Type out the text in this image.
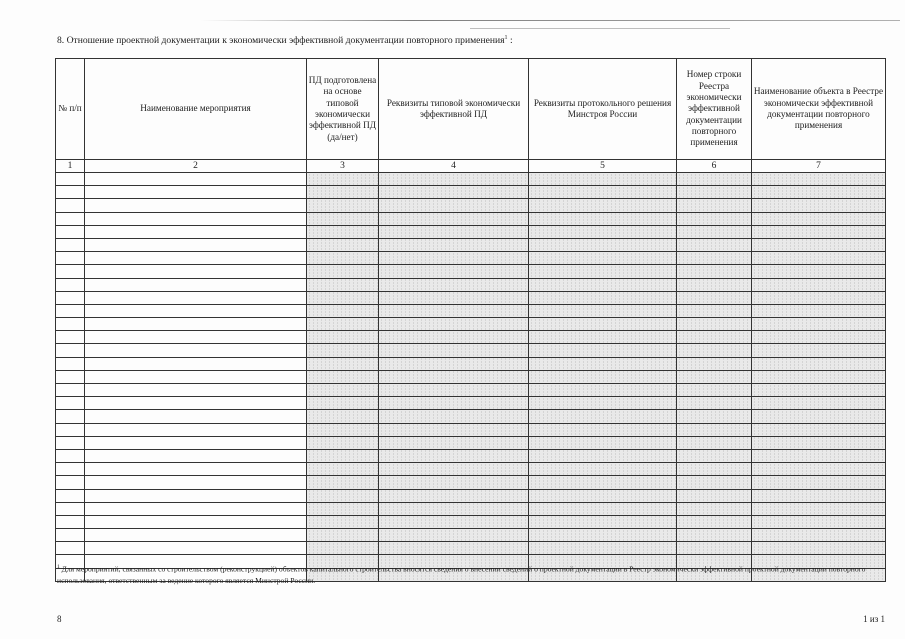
8. Отношение проектной документации к экономически эффективной документации повторного применения$^1$ :
№ п/п	Наименование мероприятия	ПД подготовлена на основе типовой экономически эффективной ПД (да/нет)	Реквизиты типовой экономически эффективной ПД	Реквизиты протокольного решения Минстроя России	Номер строки Реестра экономически эффективной документации повторного применения	Наименование объекта в Реестре экономически эффективной документации повторного применения
1	2	3	4	5	6	7

$^1$ Для мероприятий, связанных со строительством (реконструкцией) объектов капитального строительства вносятся сведения о внесении сведений о проектной документации в Реестр экономически эффективной проектной документации повторного использования, ответственным за ведение которого является Минстрой России.
8	1 из 1
